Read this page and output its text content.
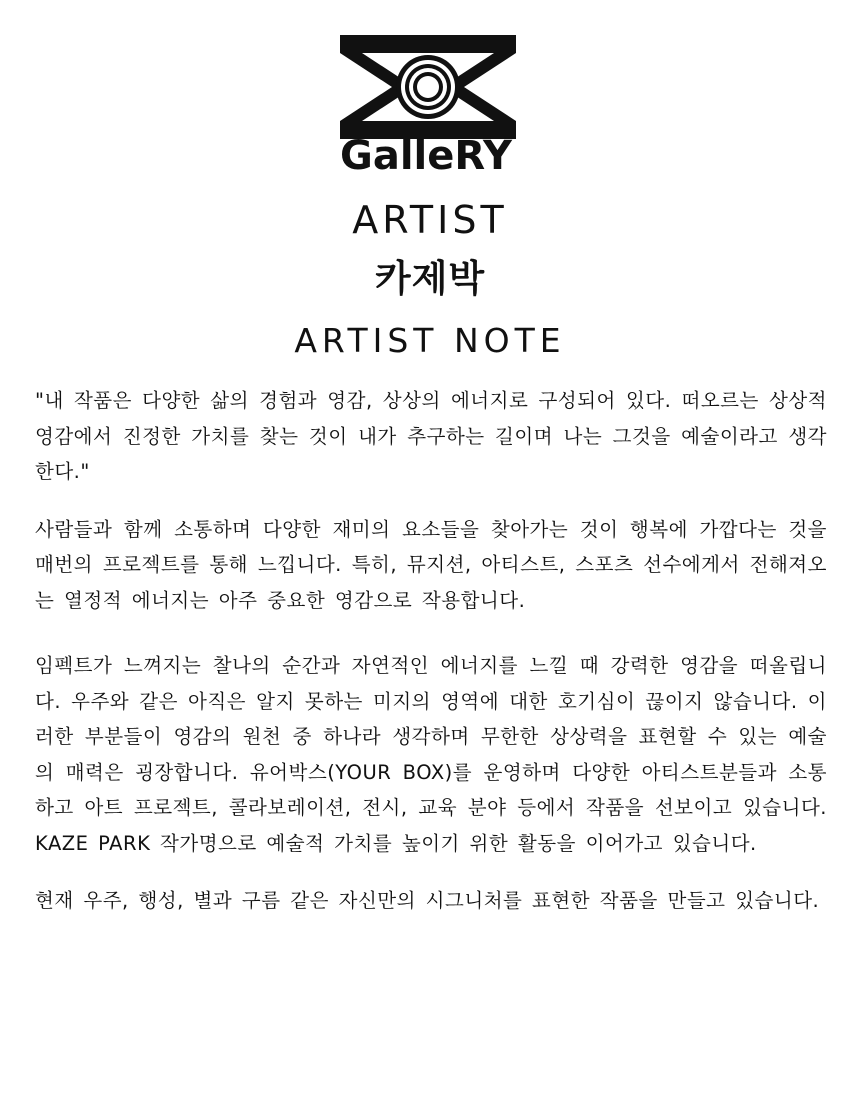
GalleRY
ARTIST
카제박
ARTIST NOTE

"내 작품은 다양한 삶의 경험과 영감, 상상의 에너지로 구성되어 있다. 떠오르는 상상적 영감에서 진정한 가치를 찾는 것이 내가 추구하는 길이며 나는 그것을 예술이라고 생각한다."

사람들과 함께 소통하며 다양한 재미의 요소들을 찾아가는 것이 행복에 가깝다는 것을 매번의 프로젝트를 통해 느낍니다. 특히, 뮤지션, 아티스트, 스포츠 선수에게서 전해져오는 열정적 에너지는 아주 중요한 영감으로 작용합니다.

임펙트가 느껴지는 찰나의 순간과 자연적인 에너지를 느낄 때 강력한 영감을 떠올립니다. 우주와 같은 아직은 알지 못하는 미지의 영역에 대한 호기심이 끊이지 않습니다. 이러한 부분들이 영감의 원천 중 하나라 생각하며 무한한 상상력을 표현할 수 있는 예술의 매력은 굉장합니다. 유어박스(YOUR BOX)를 운영하며 다양한 아티스트분들과 소통하고 아트 프로젝트, 콜라보레이션, 전시, 교육 분야 등에서 작품을 선보이고 있습니다. KAZE PARK 작가명으로 예술적 가치를 높이기 위한 활동을 이어가고 있습니다.

현재 우주, 행성, 별과 구름 같은 자신만의 시그니처를 표현한 작품을 만들고 있습니다.
